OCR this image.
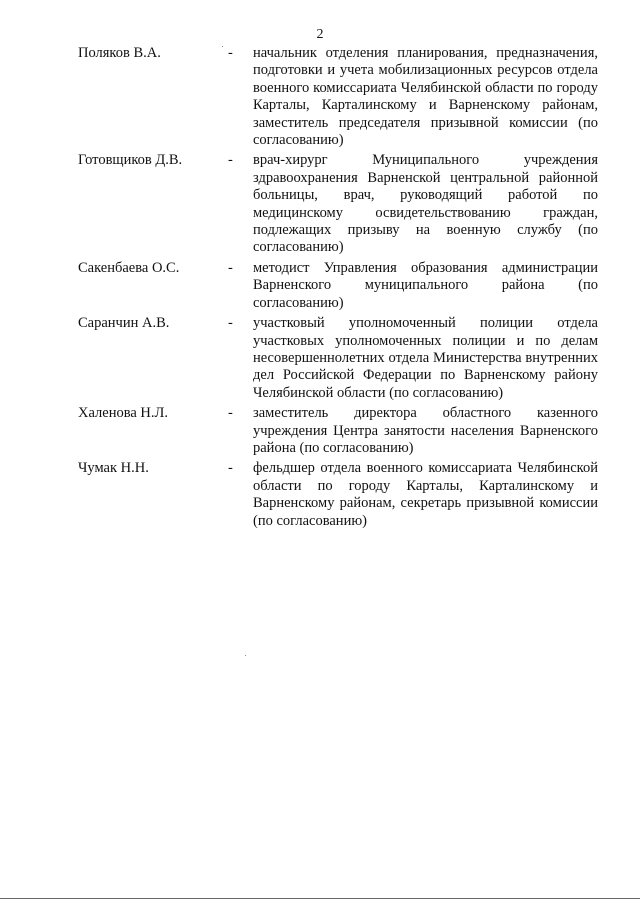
2
Поляков В.А.	-	начальник отделения планирования, предназначения, подготовки и учета мобилизационных ресурсов отдела военного комиссариата Челябинской области по городу Карталы, Карталинскому и Варненскому районам, заместитель председателя призывной комиссии (по согласованию)
Готовщиков Д.В.	-	врач-хирург Муниципального учреждения здравоохранения Варненской центральной районной больницы, врач, руководящий работой по медицинскому освидетельствованию граждан, подлежащих призыву на военную службу (по согласованию)
Сакенбаева О.С.	-	методист Управления образования администрации Варненского муниципального района (по согласованию)
Саранчин А.В.	-	участковый уполномоченный полиции отдела участковых уполномоченных полиции и по делам несовершеннолетних отдела Министерства внутренних дел Российской Федерации по Варненскому району Челябинской области (по согласованию)
Халенова Н.Л.	-	заместитель директора областного казенного учреждения Центра занятости населения Варненского района (по согласованию)
Чумак Н.Н.	-	фельдшер отдела военного комиссариата Челябинской области по городу Карталы, Карталинскому и Варненскому районам, секретарь призывной комиссии (по согласованию)
